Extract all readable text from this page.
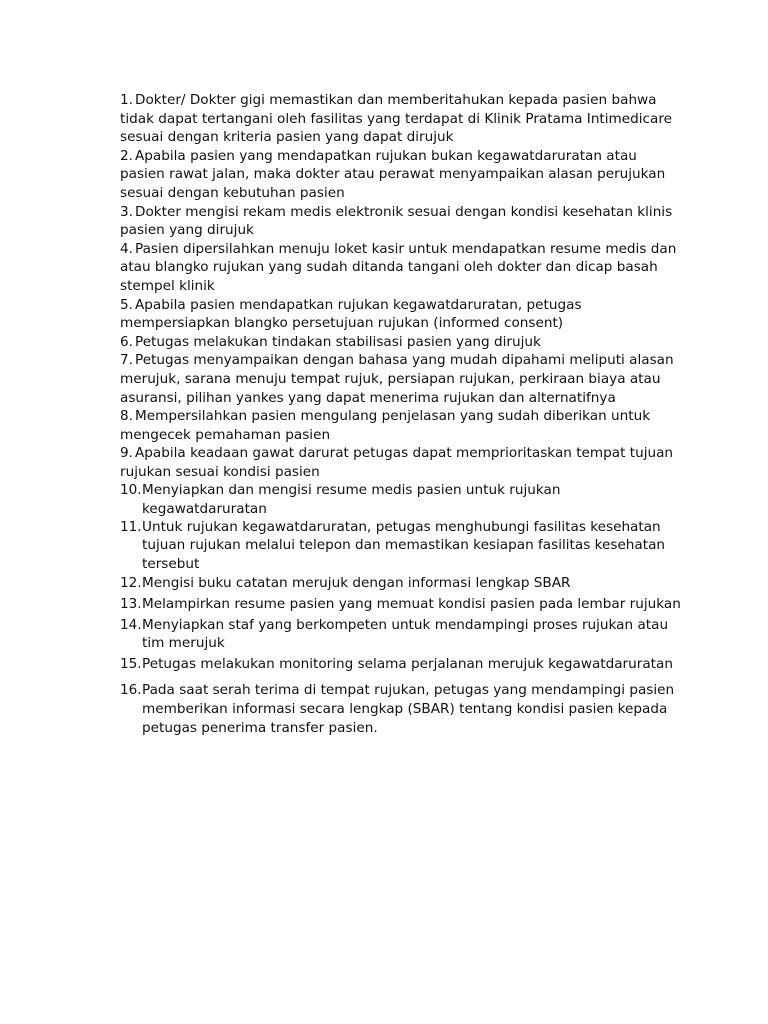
1. Dokter/ Dokter gigi memastikan dan memberitahukan kepada pasien bahwa tidak dapat tertangani oleh fasilitas yang terdapat di Klinik Pratama Intimedicare sesuai dengan kriteria pasien yang dapat dirujuk
2. Apabila pasien yang mendapatkan rujukan bukan kegawatdaruratan atau pasien rawat jalan, maka dokter atau perawat menyampaikan alasan perujukan sesuai dengan kebutuhan pasien
3. Dokter mengisi rekam medis elektronik sesuai dengan kondisi kesehatan klinis pasien yang dirujuk
4. Pasien dipersilahkan menuju loket kasir untuk mendapatkan resume medis dan atau blangko rujukan yang sudah ditanda tangani oleh dokter dan dicap basah stempel klinik
5. Apabila pasien mendapatkan rujukan kegawatdaruratan, petugas mempersiapkan blangko persetujuan rujukan (informed consent)
6. Petugas melakukan tindakan stabilisasi pasien yang dirujuk
7. Petugas menyampaikan dengan bahasa yang mudah dipahami meliputi alasan merujuk, sarana menuju tempat rujuk, persiapan rujukan, perkiraan biaya atau asuransi, pilihan yankes yang dapat menerima rujukan dan alternatifnya
8. Mempersilahkan pasien mengulang penjelasan yang sudah diberikan untuk mengecek pemahaman pasien
9. Apabila keadaan gawat darurat petugas dapat memprioritaskan tempat tujuan rujukan sesuai kondisi pasien
10. Menyiapkan dan mengisi resume medis pasien untuk rujukan kegawatdaruratan
11. Untuk rujukan kegawatdaruratan, petugas menghubungi fasilitas kesehatan tujuan rujukan melalui telepon dan memastikan kesiapan fasilitas kesehatan tersebut
12. Mengisi buku catatan merujuk dengan informasi lengkap SBAR
13. Melampirkan resume pasien yang memuat kondisi pasien pada lembar rujukan
14. Menyiapkan staf yang berkompeten untuk mendampingi proses rujukan atau tim merujuk
15. Petugas melakukan monitoring selama perjalanan merujuk kegawatdaruratan
16. Pada saat serah terima di tempat rujukan, petugas yang mendampingi pasien memberikan informasi secara lengkap (SBAR) tentang kondisi pasien kepada petugas penerima transfer pasien.
